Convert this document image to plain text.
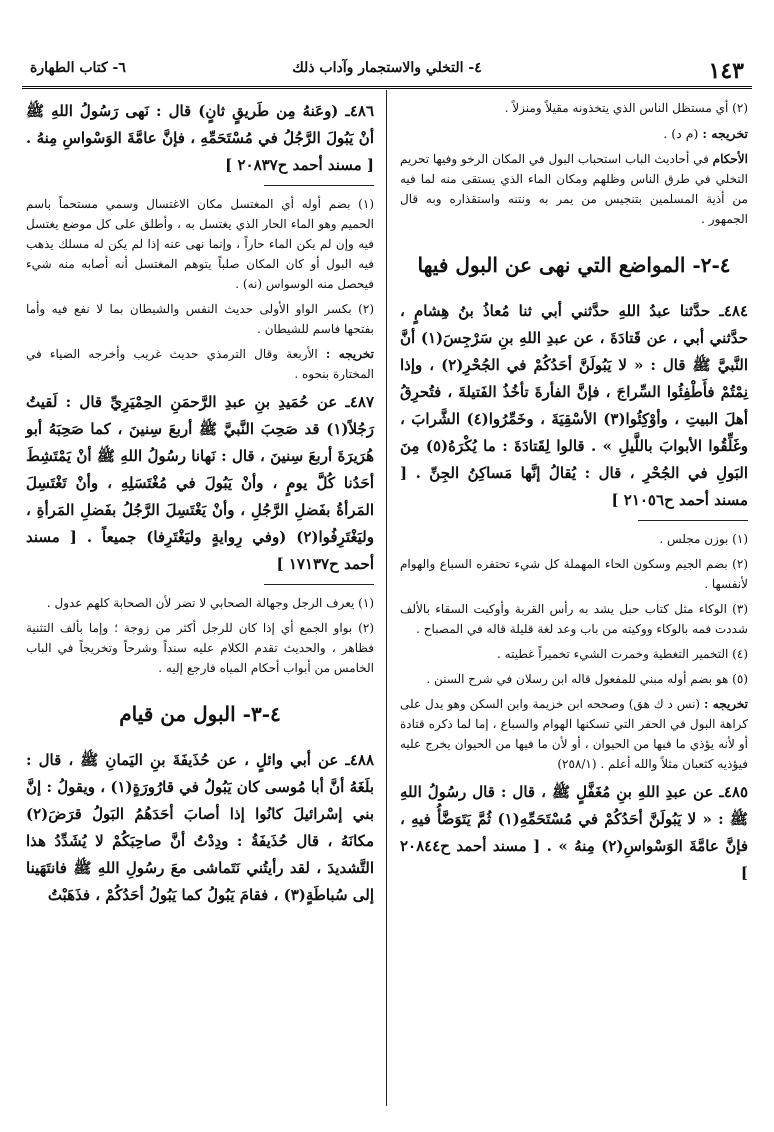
١٤٣
٤- التخلي والاستجمار وآداب ذلك
٦- كتاب الطهارة

(٢) أي مستظل الناس الذي يتخذونه مقيلاً ومنزلاً .

تخريجه : (م د) .

الأحكام في أحاديث الباب استحباب البول في المكان الرخو وفيها تحريم التخلي في طرق الناس وظلهم ومكان الماء الذي يستقى منه لما فيه من أذية المسلمين بتنجيس من يمر به ونتنه واستقذاره وبه قال الجمهور .

٤-٢- المواضع التي نهى عن البول فيها

٤٨٤ـ حدَّثنا عبدُ اللهِ حدَّثني أبي ثنا مُعاذُ بنُ هِشامٍ ، حدَّثني أبي ، عن قَتادَةَ ، عن عبدِ اللهِ بنِ سَرْجِسَ(١) أنَّ النَّبيَّ ﷺ قال : « لا يَبُولَنَّ أحَدُكُمْ في الجُحْرِ(٢) ، وإذا نِمْتُمْ فأَطْفِئُوا السِّراجَ ، فإنَّ الفأرةَ تأخُذُ الفَتيلةَ ، فتُحرِقُ أهلَ البيتِ ، وأوْكِئُوا(٣) الأسْقِيَةَ ، وخَمِّرُوا(٤) الشَّرابَ ، وغَلِّقُوا الأبوابَ باللَّيلِ » . قالوا لِقَتادَةَ : ما يُكْرَهُ(٥) مِنَ البَولِ في الجُحْرِ ، قال : يُقالُ إنَّها مَساكِنُ الجِنِّ . [ مسند أحمد ح٢١٠٥٦ ]

(١) بوزن مجلس .

(٢) بضم الجيم وسكون الحاء المهملة كل شيء تحتفره السباع والهوام لأنفسها .

(٣) الوكاء مثل كتاب حبل يشد به رأس القربة وأوكيت السقاء بالألف شددت فمه بالوكاء ووكيته من باب وعد لغة قليلة قاله في المصباح .

(٤) التخمير التغطية وخمرت الشيء تخميراً غطيته .

(٥) هو بضم أوله مبني للمفعول قاله ابن رسلان في شرح السنن .

تخريجه : (نس د ك هق) وصححه ابن خزيمة وابن السكن وهو يدل على كراهة البول في الحفر التي تسكنها الهوام والسباع ، إما لما ذكره قتادة أو لأنه يؤذي ما فيها من الحيوان ، أو لأن ما فيها من الحيوان يخرج عليه فيؤذيه كثعبان مثلاً والله أعلم . (٢٥٨/١)

٤٨٥ـ عن عبدِ اللهِ بنِ مُغَفَّلٍ ﷺ ، قال : قال رسُولُ اللهِ ﷺ : « لا يَبُولَنَّ أحَدُكُمْ في مُسْتَحَمِّهِ(١) ثُمَّ يَتَوَضَّأُ فيهِ ، فإنَّ عامَّةَ الوَسْواسِ(٢) مِنهُ » . [ مسند أحمد ح٢٠٨٤٤ ]

٤٨٦ـ (وعَنهُ مِن طَريقٍ ثانٍ) قال : نَهى رَسُولُ اللهِ ﷺ أنْ يَبُولَ الرَّجُلُ في مُسْتَحَمِّهِ ، فإنَّ عامَّةَ الوَسْواسِ مِنهُ . [ مسند أحمد ح٢٠٨٣٧ ]

(١) بضم أوله أي المغتسل مكان الاغتسال وسمي مستحماً باسم الحميم وهو الماء الحار الذي يغتسل به ، وأطلق على كل موضع يغتسل فيه وإن لم يكن الماء حاراً ، وإنما نهى عنه إذا لم يكن له مسلك يذهب فيه البول أو كان المكان صلباً يتوهم المغتسل أنه أصابه منه شيء فيحصل منه الوسواس (نه) .

(٢) بكسر الواو الأولى حديث النفس والشيطان بما لا نفع فيه وأما بفتحها فاسم للشيطان .

تخريجه : الأربعة وقال الترمذي حديث غريب وأخرجه الضياء في المختارة بنحوه .

٤٨٧ـ عن حُمَيدِ بنِ عبدِ الرَّحمَنِ الحِمْيَرِيِّ قال : لَقيتُ رَجُلاً(١) قد صَحِبَ النَّبيَّ ﷺ أربعَ سِنينَ ، كما صَحِبَهُ أبو هُرَيرَةَ أربعَ سِنينَ ، قال : نَهانا رسُولُ اللهِ ﷺ أنْ يَمْتَشِطَ أحَدُنا كُلَّ يومٍ ، وأنْ يَبُولَ في مُغْتَسَلِهِ ، وأنْ تَغْتَسِلَ المَرأةُ بفَضلِ الرَّجُلِ ، وأنْ يَغْتَسِلَ الرَّجُلُ بفَضلِ المَرأةِ ، وليَغْتَرِفُوا(٢) (وفي رِوايةٍ وليَغْتَرِفا) جميعاً . [ مسند أحمد ح١٧١٣٧ ]

(١) يعرف الرجل وجهالة الصحابي لا تضر لأن الصحابة كلهم عدول .

(٢) بواو الجمع أي إذا كان للرجل أكثر من زوجة ؛ وإما بألف التثنية فظاهر ، والحديث تقدم الكلام عليه سنداً وشرحاً وتخريجاً في الباب الخامس من أبواب أحكام المياه فارجع إليه .

٤-٣- البول من قيام

٤٨٨ـ عن أبي وائلٍ ، عن حُذَيفَةَ بنِ اليَمانِ ﷺ ، قال : بلَغَهُ أنَّ أبا مُوسى كان يَبُولُ في قارُورَةٍ(١) ، ويقولُ : إنَّ بني إسْرائيلَ كانُوا إذا أصابَ أحَدَهُمُ البَولُ قرَضَ(٢) مكانَهُ ، قال حُذَيفَةُ : ودِدْتُ أنَّ صاحِبَكُمْ لا يُشَدِّدُ هذا التَّشديدَ ، لقد رأيتُني نَتَماشى معَ رسُولِ اللهِ ﷺ فانتَهَينا إلى سُباطَةٍ(٣) ، فقامَ يَبُولُ كما يَبُولُ أحَدُكُمْ ، فذَهَبْتُ
